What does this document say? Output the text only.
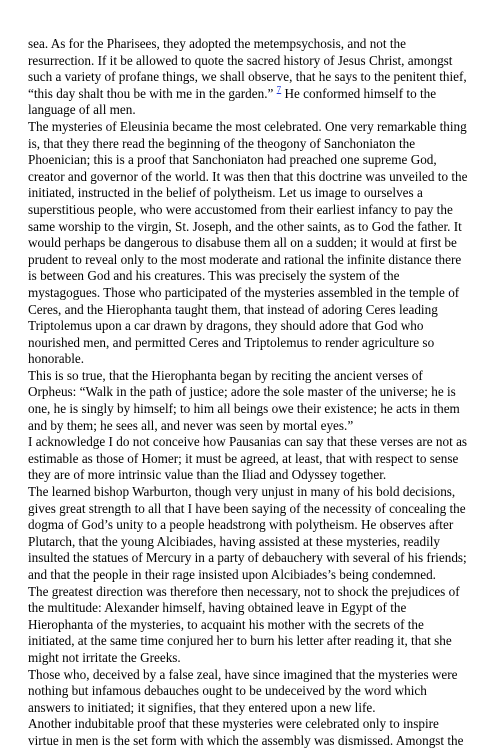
sea. As for the Pharisees, they adopted the metempsychosis, and not the resurrection. If it be allowed to quote the sacred history of Jesus Christ, amongst such a variety of profane things, we shall observe, that he says to the penitent thief, “this day shalt thou be with me in the garden.” $^7$ He conformed himself to the language of all men.

The mysteries of Eleusinia became the most celebrated. One very remarkable thing is, that they there read the beginning of the theogony of Sanchoniaton the Phoenician; this is a proof that Sanchoniaton had preached one supreme God, creator and governor of the world. It was then that this doctrine was unveiled to the initiated, instructed in the belief of polytheism. Let us image to ourselves a superstitious people, who were accustomed from their earliest infancy to pay the same worship to the virgin, St. Joseph, and the other saints, as to God the father. It would perhaps be dangerous to disabuse them all on a sudden; it would at first be prudent to reveal only to the most moderate and rational the infinite distance there is between God and his creatures. This was precisely the system of the mystagogues. Those who participated of the mysteries assembled in the temple of Ceres, and the Hierophanta taught them, that instead of adoring Ceres leading Triptolemus upon a car drawn by dragons, they should adore that God who nourished men, and permitted Ceres and Triptolemus to render agriculture so honorable.

This is so true, that the Hierophanta began by reciting the ancient verses of Orpheus: “Walk in the path of justice; adore the sole master of the universe; he is one, he is singly by himself; to him all beings owe their existence; he acts in them and by them; he sees all, and never was seen by mortal eyes.”

I acknowledge I do not conceive how Pausanias can say that these verses are not as estimable as those of Homer; it must be agreed, at least, that with respect to sense they are of more intrinsic value than the Iliad and Odyssey together.

The learned bishop Warburton, though very unjust in many of his bold decisions, gives great strength to all that I have been saying of the necessity of concealing the dogma of God’s unity to a people headstrong with polytheism. He observes after Plutarch, that the young Alcibiades, having assisted at these mysteries, readily insulted the statues of Mercury in a party of debauchery with several of his friends; and that the people in their rage insisted upon Alcibiades’s being condemned.

The greatest direction was therefore then necessary, not to shock the prejudices of the multitude: Alexander himself, having obtained leave in Egypt of the Hierophanta of the mysteries, to acquaint his mother with the secrets of the initiated, at the same time conjured her to burn his letter after reading it, that she might not irritate the Greeks.

Those who, deceived by a false zeal, have since imagined that the mysteries were nothing but infamous debauches ought to be undeceived by the word which answers to initiated; it signifies, that they entered upon a new life.

Another indubitable proof that these mysteries were celebrated only to inspire virtue in men is the set form with which the assembly was dismissed. Amongst the
